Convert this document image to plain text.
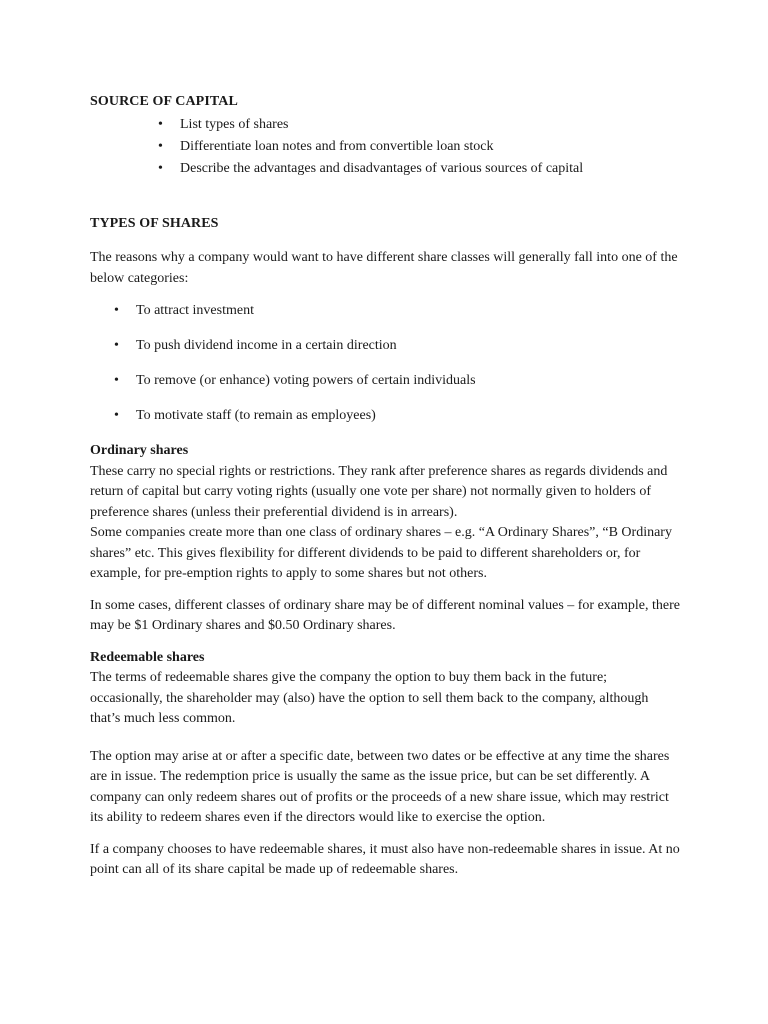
SOURCE OF CAPITAL
• List types of shares
• Differentiate loan notes and from convertible loan stock
• Describe the advantages and disadvantages of various sources of capital
TYPES OF SHARES

The reasons why a company would want to have different share classes will generally fall into one of the below categories:

• To attract investment
• To push dividend income in a certain direction
• To remove (or enhance) voting powers of certain individuals
• To motivate staff (to remain as employees)
Ordinary shares

These carry no special rights or restrictions. They rank after preference shares as regards dividends and return of capital but carry voting rights (usually one vote per share) not normally given to holders of preference shares (unless their preferential dividend is in arrears).

Some companies create more than one class of ordinary shares – e.g. “A Ordinary Shares”, “B Ordinary shares” etc. This gives flexibility for different dividends to be paid to different shareholders or, for example, for pre-emption rights to apply to some shares but not others.

In some cases, different classes of ordinary share may be of different nominal values – for example, there may be $1 Ordinary shares and $0.50 Ordinary shares.

Redeemable shares

The terms of redeemable shares give the company the option to buy them back in the future; occasionally, the shareholder may (also) have the option to sell them back to the company, although that’s much less common.

The option may arise at or after a specific date, between two dates or be effective at any time the shares are in issue. The redemption price is usually the same as the issue price, but can be set differently. A company can only redeem shares out of profits or the proceeds of a new share issue, which may restrict its ability to redeem shares even if the directors would like to exercise the option.

If a company chooses to have redeemable shares, it must also have non-redeemable shares in issue. At no point can all of its share capital be made up of redeemable shares.
